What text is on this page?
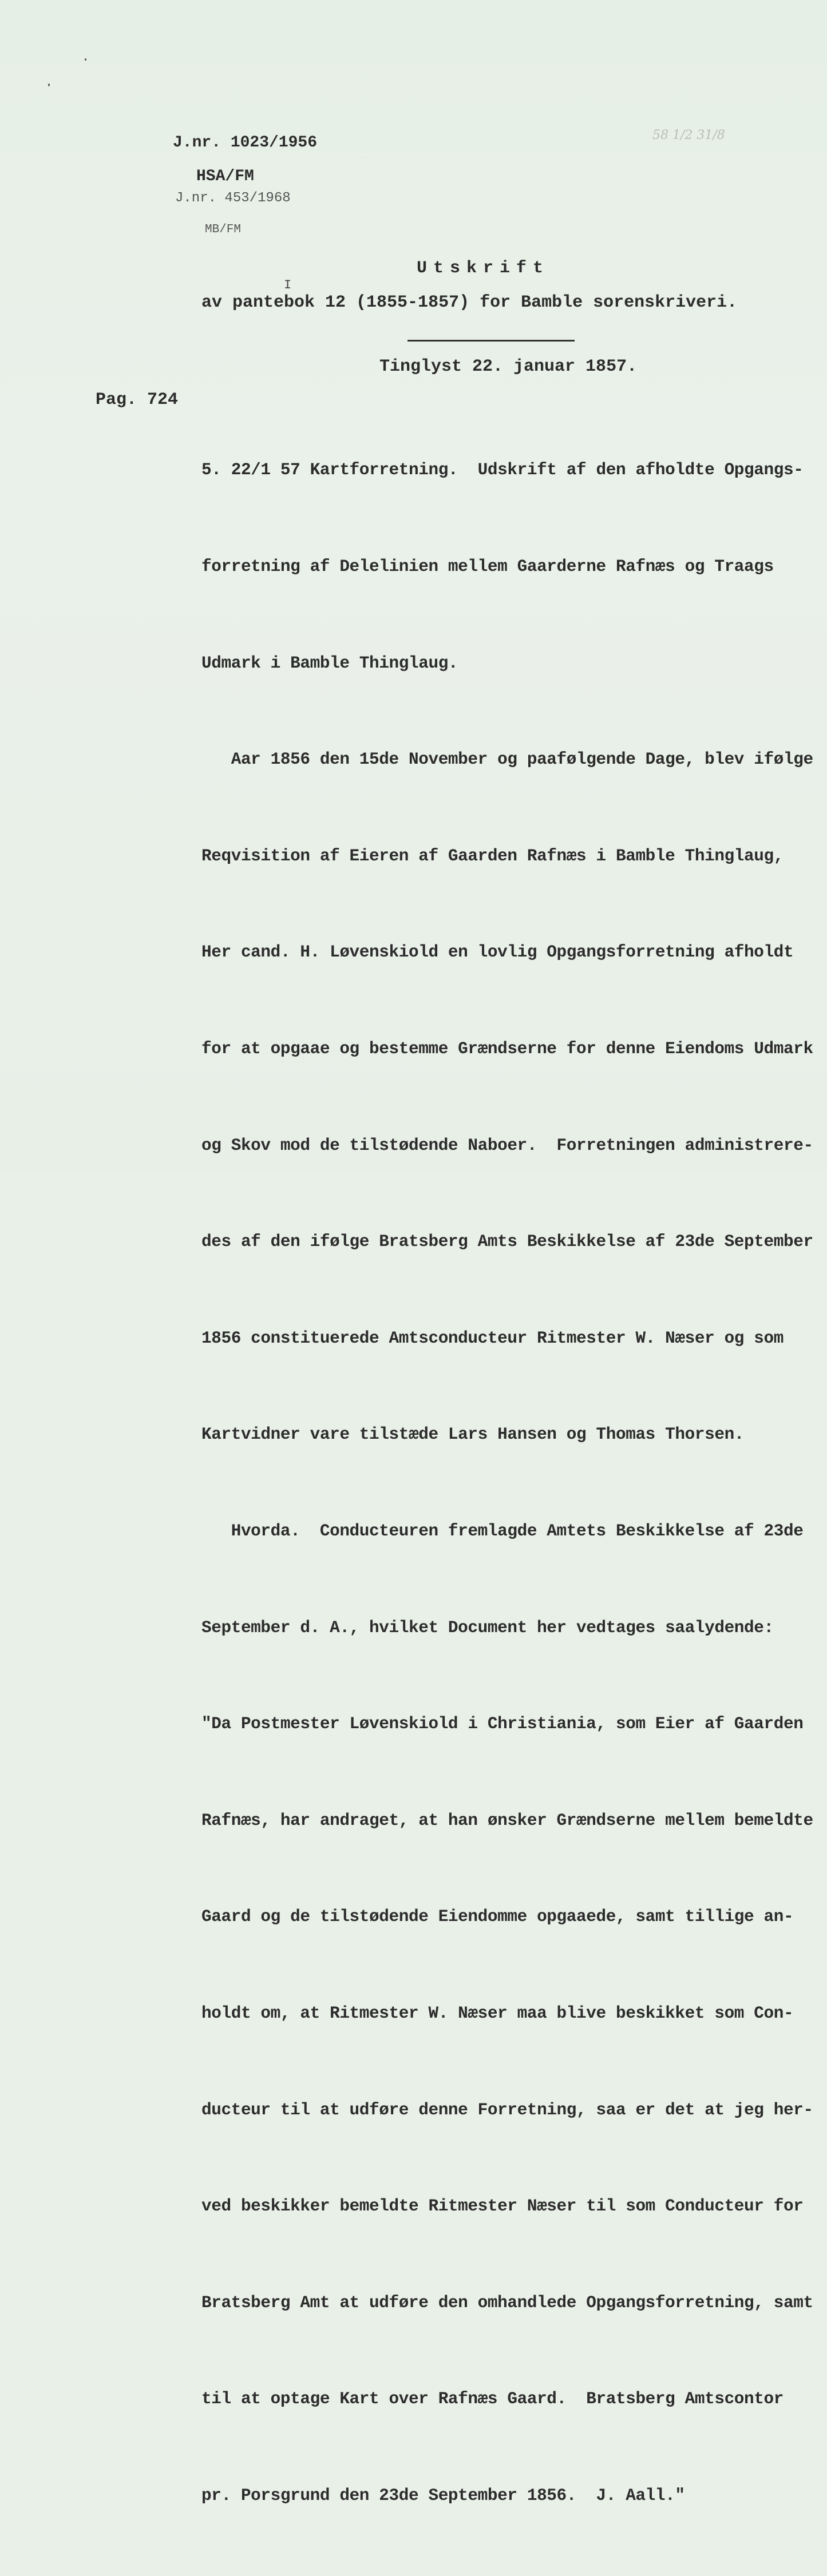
58 1/2 31/8
J.nr. 1023/1956
HSA/FM
J.nr. 453/1968
MB/FM
Utskrift
I
av pantebok 12 (1855-1857) for Bamble sorenskriveri.
Tinglyst 22. januar 1857.
Pag. 724

5. 22/1 57 Kartforretning.  Udskrift af den afholdte Opgangs-

forretning af Delelinien mellem Gaarderne Rafnæs og Traags

Udmark i Bamble Thinglaug.

Aar 1856 den 15de November og paafølgende Dage, blev ifølge

Reqvisition af Eieren af Gaarden Rafnæs i Bamble Thinglaug,

Her cand. H. Løvenskiold en lovlig Opgangsforretning afholdt

for at opgaae og bestemme Grændserne for denne Eiendoms Udmark

og Skov mod de tilstødende Naboer.  Forretningen administrere-

des af den ifølge Bratsberg Amts Beskikkelse af 23de September

1856 constituerede Amtsconducteur Ritmester W. Næser og som

Kartvidner vare tilstæde Lars Hansen og Thomas Thorsen.

Hvorda.  Conducteuren fremlagde Amtets Beskikkelse af 23de

September d. A., hvilket Document her vedtages saalydende:

"Da Postmester Løvenskiold i Christiania, som Eier af Gaarden

Rafnæs, har andraget, at han ønsker Grændserne mellem bemeldte

Gaard og de tilstødende Eiendomme opgaaede, samt tillige an-

holdt om, at Ritmester W. Næser maa blive beskikket som Con-

ducteur til at udføre denne Forretning, saa er det at jeg her-

ved beskikker bemeldte Ritmester Næser til som Conducteur for

Bratsberg Amt at udføre den omhandlede Opgangsforretning, samt

til at optage Kart over Rafnæs Gaard.  Bratsberg Amtscontor

pr. Porsgrund den 23de September 1856.  J. Aall."
